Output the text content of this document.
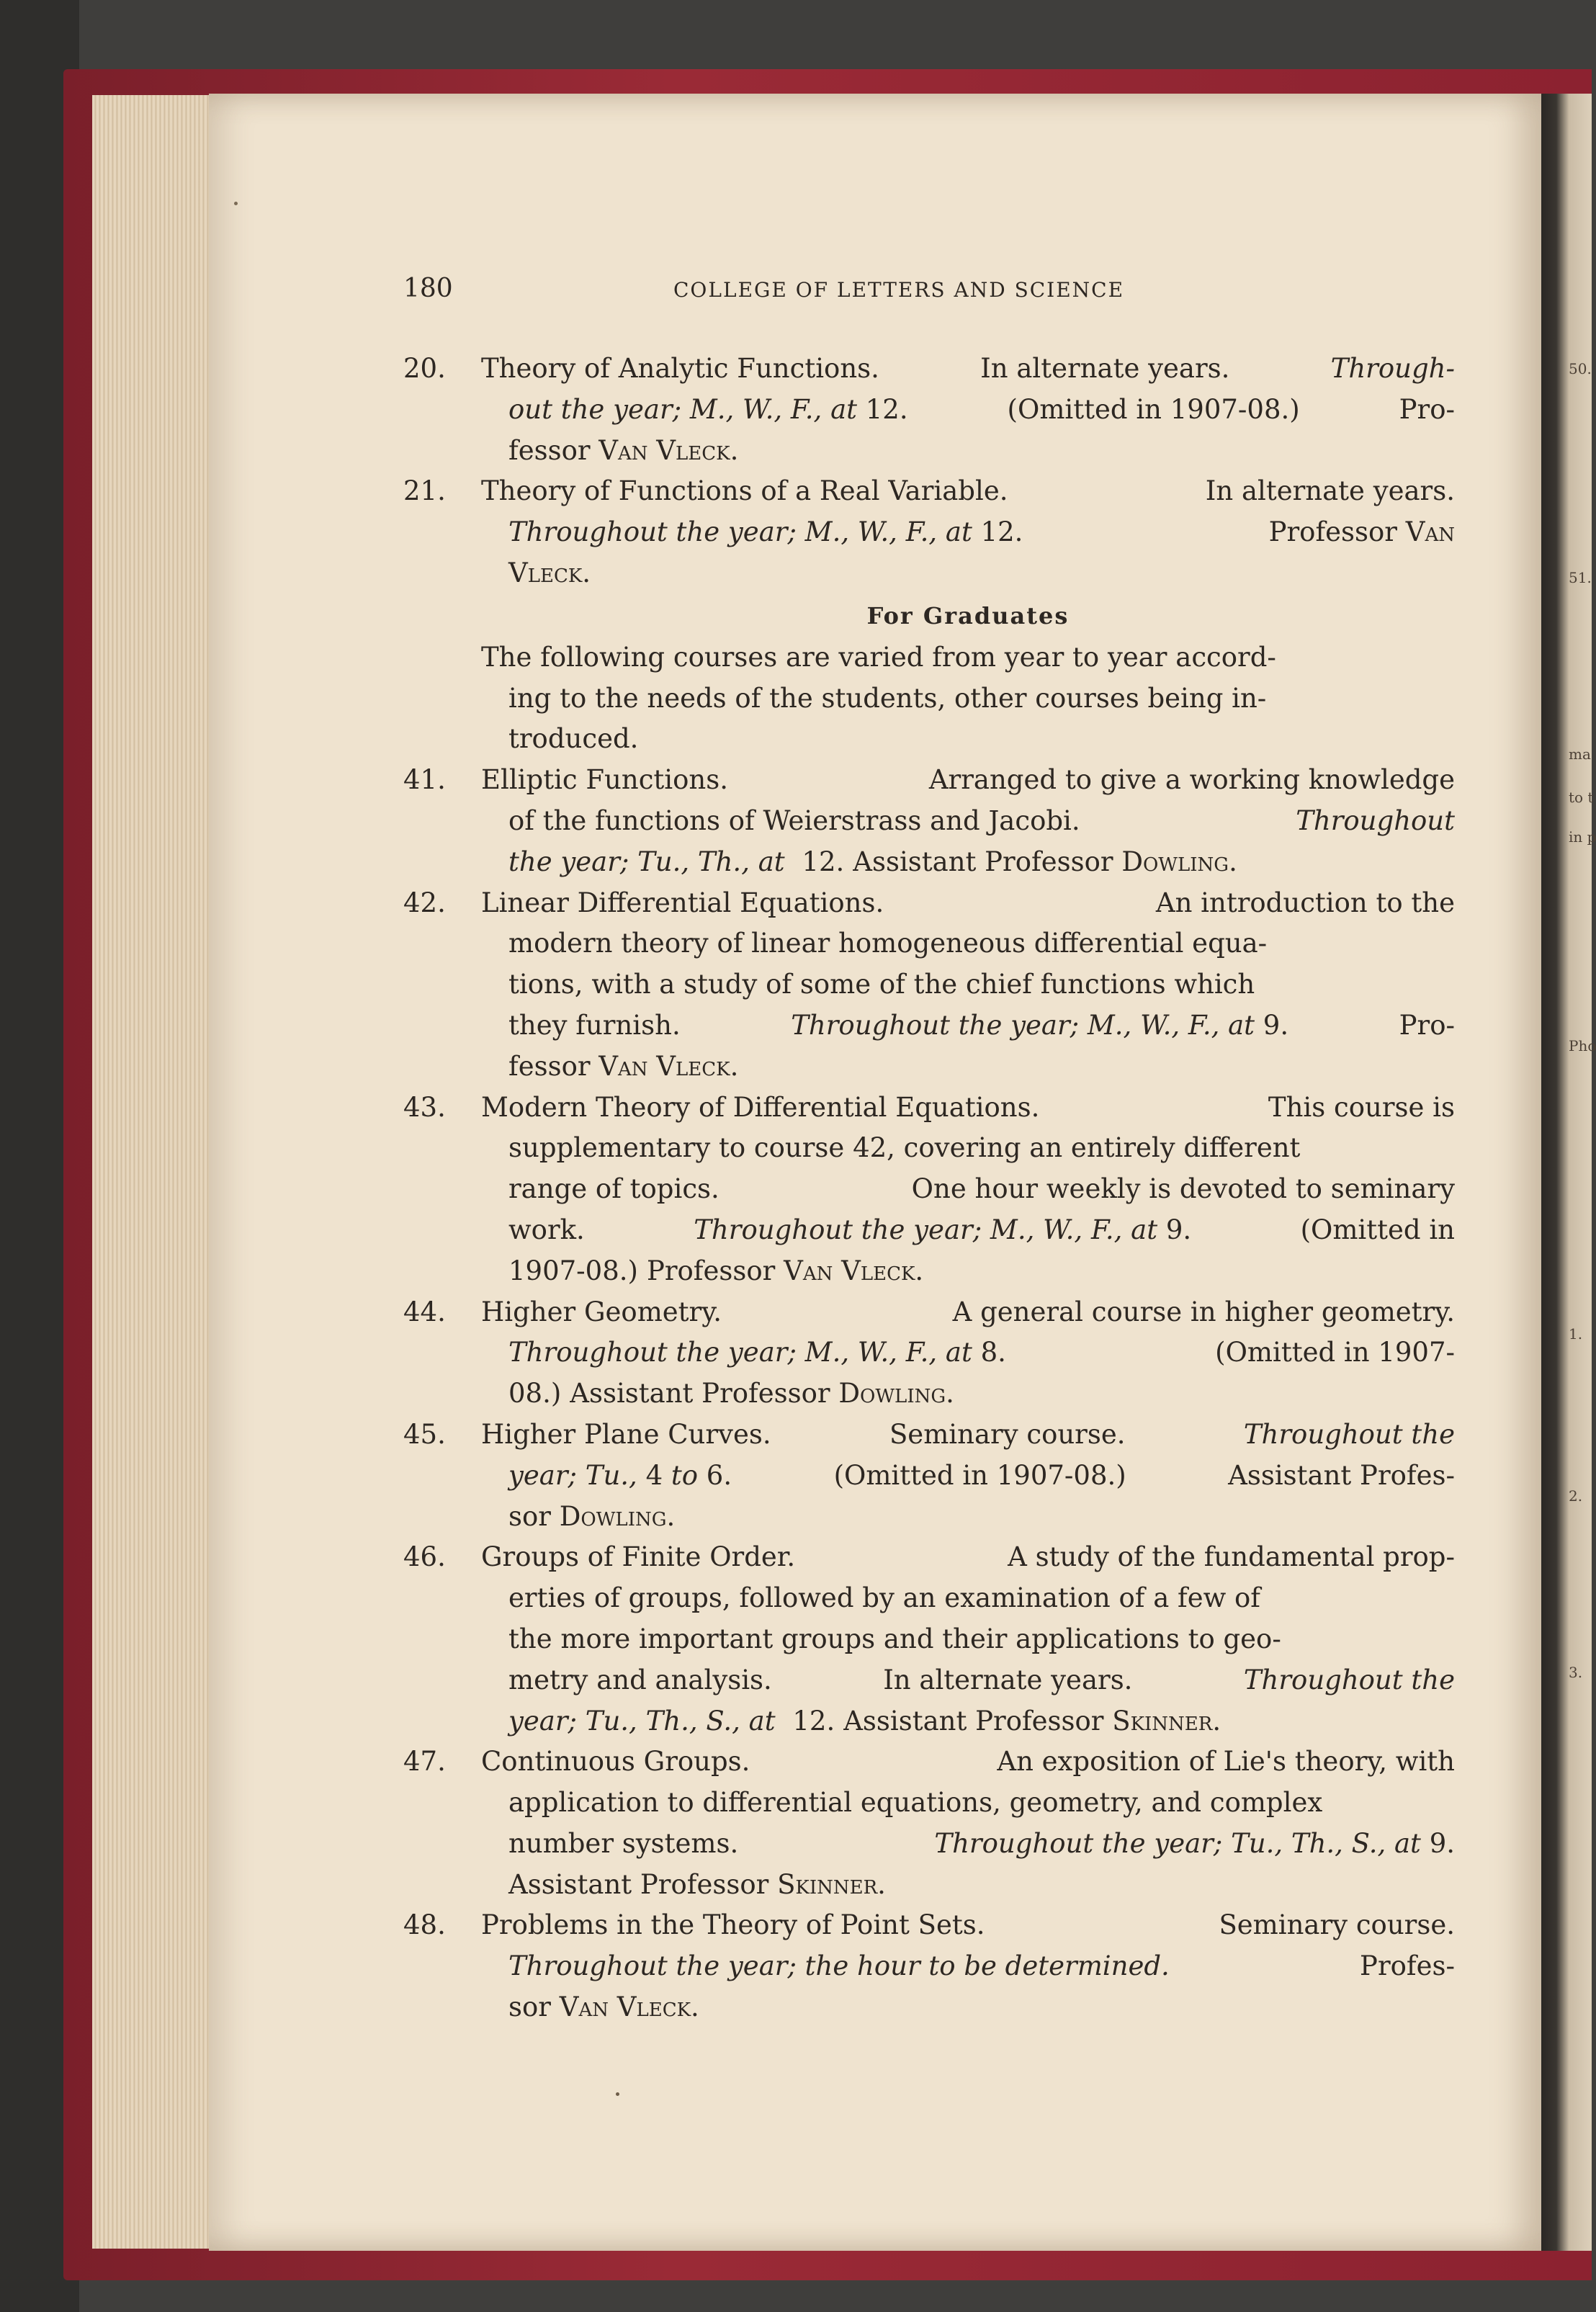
50.
51.
ma
to t
in p
Pho
1.
2.
3.
180	COLLEGE OF LETTERS AND SCIENCE
20. Theory of Analytic Functions.	In alternate years.	Through-
out the year; M., W., F., at 12.	(Omitted in 1907-08.)	Pro-
fessor Van Vleck.
21. Theory of Functions of a Real Variable.	In alternate years.
Throughout the year; M., W., F., at 12.	Professor Van
Vleck.
For Graduates
The following courses are varied from year to year accord-
ing to the needs of the students, other courses being in-
troduced.
41. Elliptic Functions.	Arranged to give a working knowledge
of the functions of Weierstrass and Jacobi.	Throughout
the year; Tu., Th., at 12. Assistant Professor Dowling.
42. Linear Differential Equations.	An introduction to the
modern theory of linear homogeneous differential equa-
tions, with a study of some of the chief functions which
they furnish.	Throughout the year; M., W., F., at 9.	Pro-
fessor Van Vleck.
43. Modern Theory of Differential Equations.	This course is
supplementary to course 42, covering an entirely different
range of topics.	One hour weekly is devoted to seminary
work.	Throughout the year; M., W., F., at 9.	(Omitted in
1907-08.) Professor Van Vleck.
44. Higher Geometry.	A general course in higher geometry.
Throughout the year; M., W., F., at 8.	(Omitted in 1907-
08.) Assistant Professor Dowling.
45. Higher Plane Curves.	Seminary course.	Throughout the
year; Tu., 4 to 6.	(Omitted in 1907-08.)	Assistant Profes-
sor Dowling.
46. Groups of Finite Order.	A study of the fundamental prop-
erties of groups, followed by an examination of a few of
the more important groups and their applications to geo-
metry and analysis.	In alternate years.	Throughout the
year; Tu., Th., S., at 12. Assistant Professor Skinner.
47. Continuous Groups.	An exposition of Lie's theory, with
application to differential equations, geometry, and complex
number systems.	Throughout the year; Tu., Th., S., at 9.
Assistant Professor Skinner.
48. Problems in the Theory of Point Sets.	Seminary course.
Throughout the year; the hour to be determined.	Profes-
sor Van Vleck.
